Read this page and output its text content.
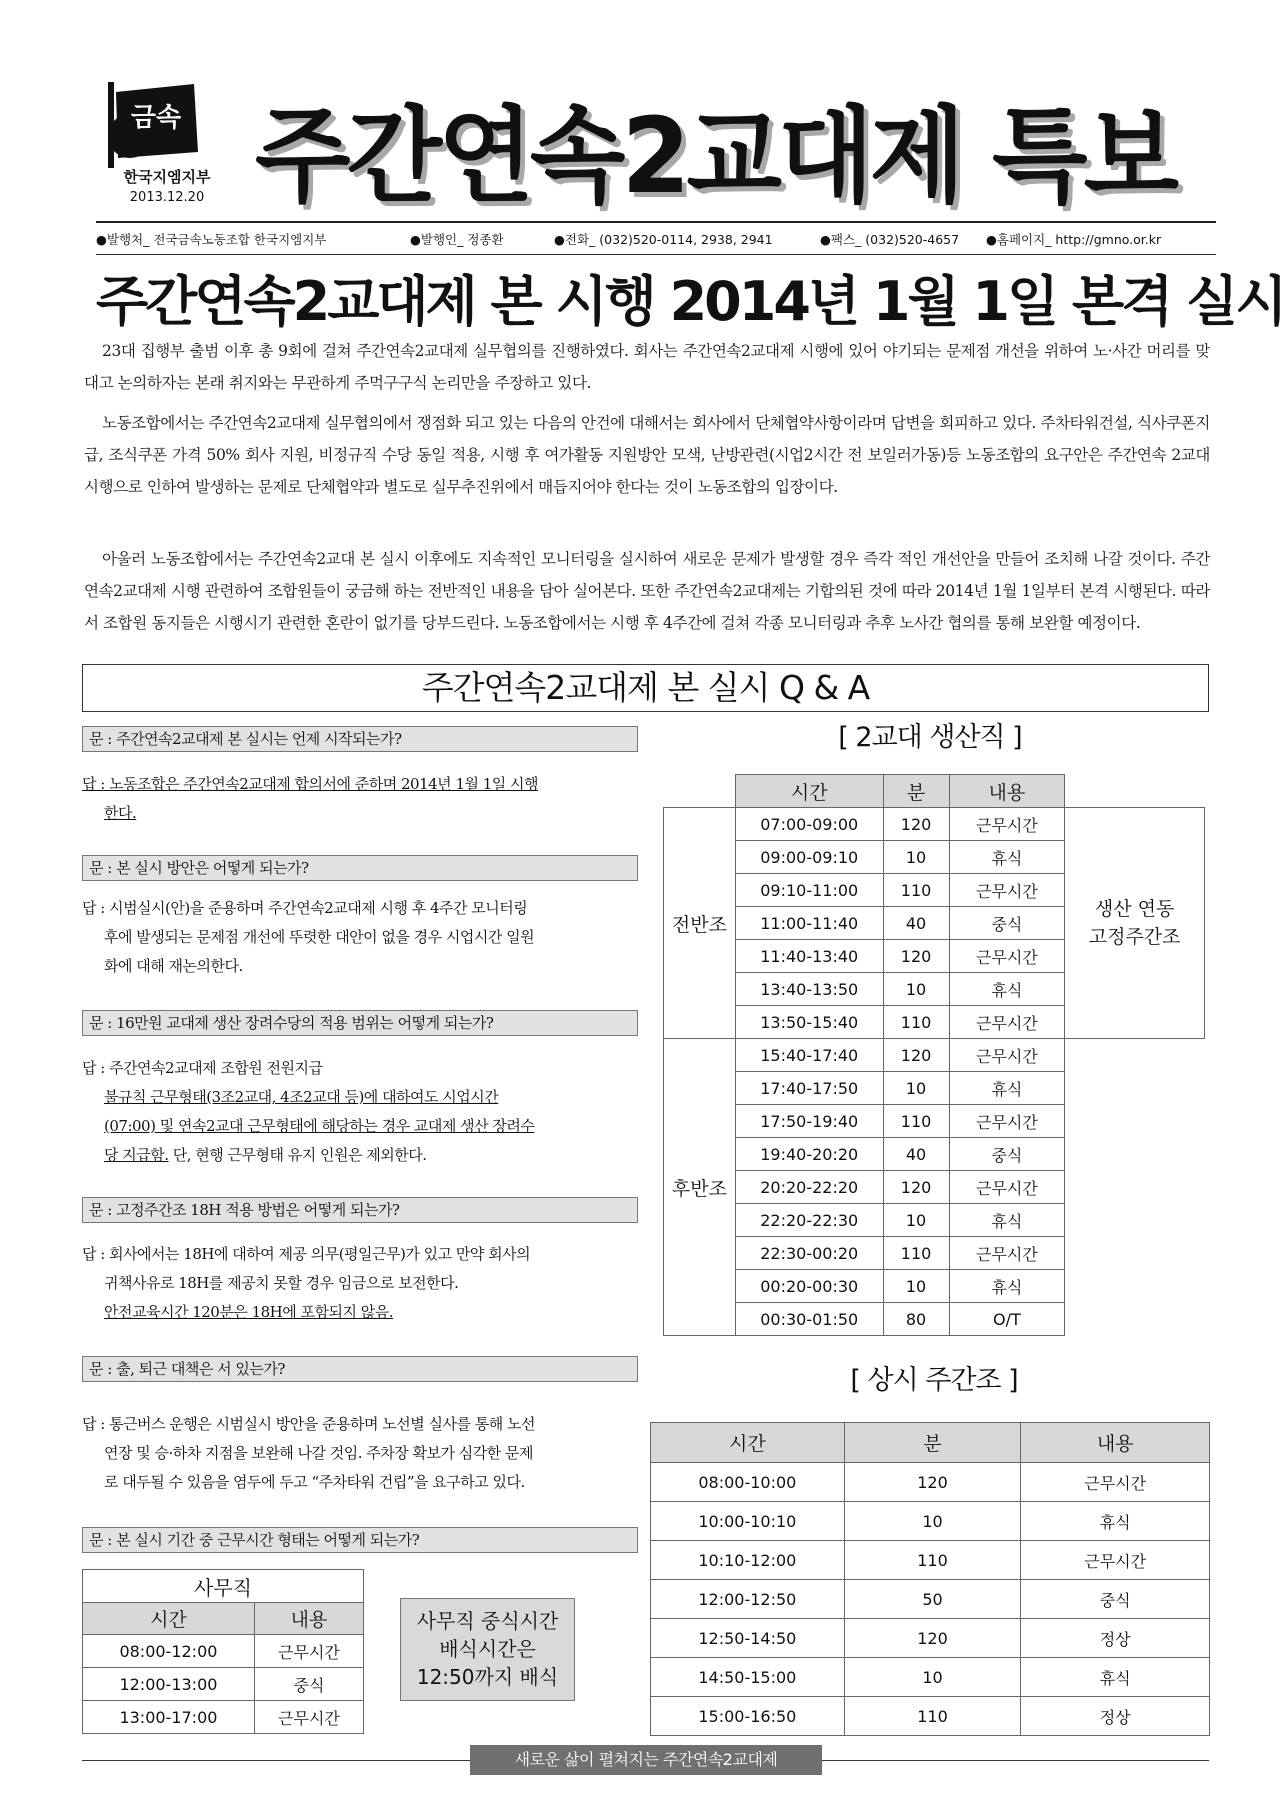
금속
한국지엠지부
2013.12.20 주간연속2교대제 특보
●발행처_ 전국금속노동조합 한국지엠지부	●발행인_ 정종환	●전화_ (032)520-0114, 2938, 2941	●팩스_ (032)520-4657 ●홈페이지_ http://gmno.or.kr
주간연속2교대제 본 시행 2014년 1월 1일 본격 실시
23대 집행부 출범 이후 총 9회에 걸쳐 주간연속2교대제 실무협의를 진행하였다. 회사는 주간연속2교대제 시행에 있어 야기되는 문제점 개선을 위하여 노·사간 머리를 맞대고 논의하자는 본래 취지와는 무관하게 주먹구구식 논리만을 주장하고 있다.
노동조합에서는 주간연속2교대제 실무협의에서 쟁점화 되고 있는 다음의 안건에 대해서는 회사에서 단체협약사항이라며 답변을 회피하고 있다. 주차타워건설, 식사쿠폰지급, 조식쿠폰 가격 50% 회사 지원, 비정규직 수당 동일 적용, 시행 후 여가활동 지원방안 모색, 난방관련(시업2시간 전 보일러가동)등 노동조합의 요구안은 주간연속 2교대 시행으로 인하여 발생하는 문제로 단체협약과 별도로 실무추진위에서 매듭지어야 한다는 것이 노동조합의 입장이다.
아울러 노동조합에서는 주간연속2교대 본 실시 이후에도 지속적인 모니터링을 실시하여 새로운 문제가 발생할 경우 즉각 적인 개선안을 만들어 조치해 나갈 것이다. 주간연속2교대제 시행 관련하여 조합원들이 궁금해 하는 전반적인 내용을 담아 실어본다. 또한 주간연속2교대제는 기합의된 것에 따라 2014년 1월 1일부터 본격 시행된다. 따라서 조합원 동지들은 시행시기 관련한 혼란이 없기를 당부드린다. 노동조합에서는 시행 후 4주간에 걸쳐 각종 모니터링과 추후 노사간 협의를 통해 보완할 예정이다.
주간연속2교대제 본 실시 Q & A
문 : 주간연속2교대제 본 실시는 언제 시작되는가?
답 : 노동조합은 주간연속2교대제 합의서에 준하며 2014년 1월 1일 시행
한다.
문 : 본 실시 방안은 어떻게 되는가?
답 : 시범실시(안)을 준용하며 주간연속2교대제 시행 후 4주간 모니터링
후에 발생되는 문제점 개선에 뚜렷한 대안이 없을 경우 시업시간 일원
화에 대해 재논의한다.
문 : 16만원 교대제 생산 장려수당의 적용 범위는 어떻게 되는가?
답 : 주간연속2교대제 조합원 전원지급
불규칙 근무형태(3조2교대, 4조2교대 등)에 대하여도 시업시간
(07:00) 및 연속2교대 근무형태에 해당하는 경우 교대제 생산 장려수
당 지급함. 단, 현행 근무형태 유지 인원은 제외한다.
문 : 고정주간조 18H 적용 방법은 어떻게 되는가?
답 : 회사에서는 18H에 대하여 제공 의무(평일근무)가 있고 만약 회사의
귀책사유로 18H를 제공치 못할 경우 임금으로 보전한다.
안전교육시간 120분은 18H에 포함되지 않음.
문 : 출, 퇴근 대책은 서 있는가?
답 : 통근버스 운행은 시범실시 방안을 준용하며 노선별 실사를 통해 노선
연장 및 승·하차 지점을 보완해 나갈 것임. 주차장 확보가 심각한 문제
로 대두될 수 있음을 염두에 두고 “주차타워 건립”을 요구하고 있다.
문 : 본 실시 기간 중 근무시간 형태는 어떻게 되는가?
사무직	
시간	내용
08:00-12:00	근무시간
12:00-13:00	중식
13:00-17:00	근무시간
사무직 중식시간
배식시간은
12:50까지 배식
[ 2교대 생산직 ]
	시간	분	내용	
전반조	07:00-09:00	120	근무시간	생산 연동
고정주간조

	09:00-09:10	10	휴식	
	09:10-11:00	110	근무시간	
	11:00-11:40	40	중식	
	11:40-13:40	120	근무시간	
	13:40-13:50	10	휴식	
	13:50-15:40	110	근무시간	
후반조	15:40-17:40	120	근무시간	
	17:40-17:50	10	휴식	
	17:50-19:40	110	근무시간	
	19:40-20:20	40	중식	
	20:20-22:20	120	근무시간	
	22:20-22:30	10	휴식	
	22:30-00:20	110	근무시간	
	00:20-00:30	10	휴식	
	00:30-01:50	80	O/T	
[ 상시 주간조 ]
시간	분	내용
08:00-10:00	120	근무시간
10:00-10:10	10	휴식
10:10-12:00	110	근무시간
12:00-12:50	50	중식
12:50-14:50	120	정상
14:50-15:00	10	휴식
15:00-16:50	110	정상
새로운 삶이 펼쳐지는 주간연속2교대제
